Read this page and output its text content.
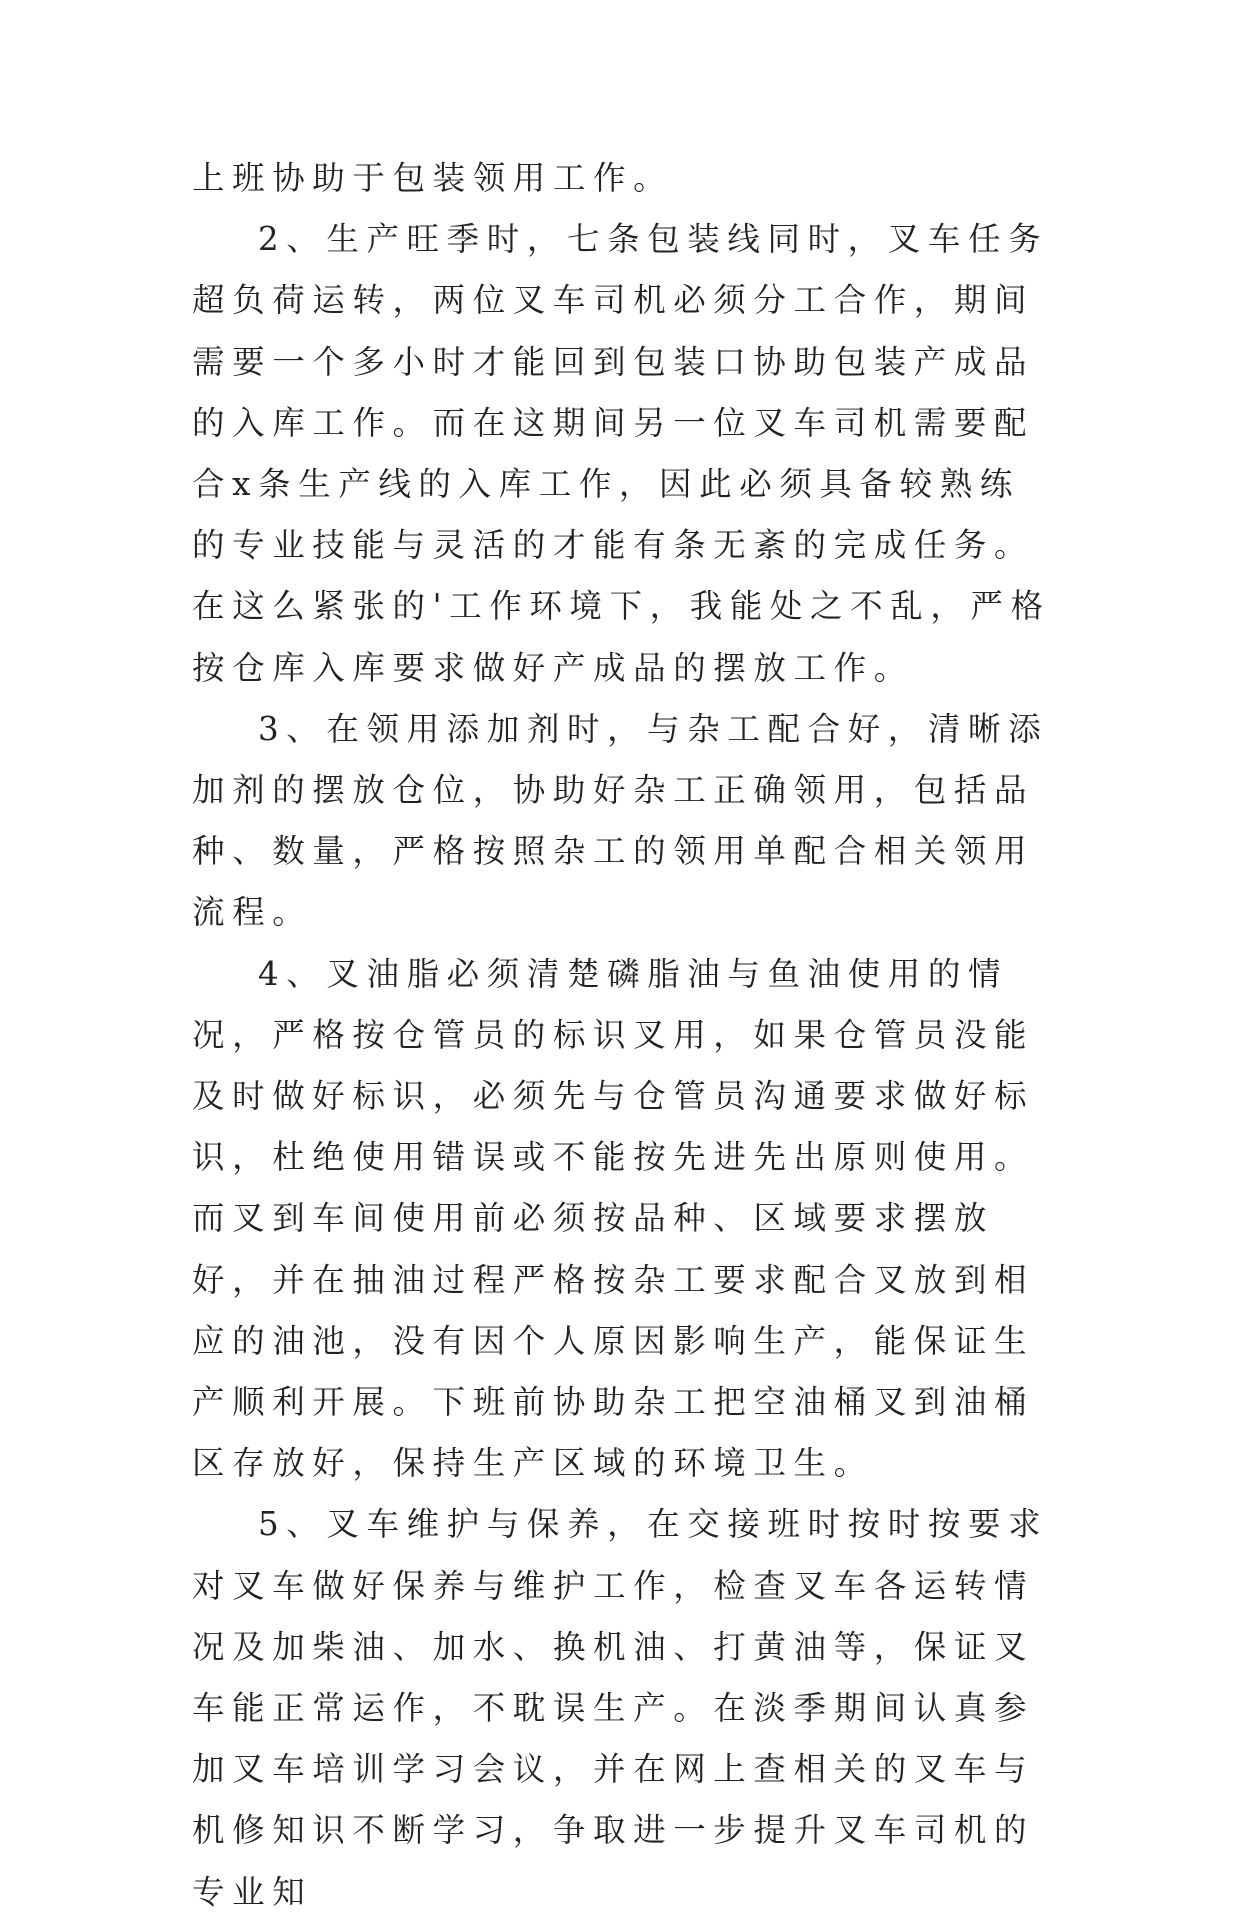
上班协助于包装领用工作。

2、生产旺季时，七条包装线同时，叉车任务超负荷运转，两位叉车司机必须分工合作，期间需要一个多小时才能回到包装口协助包装产成品的入库工作。而在这期间另一位叉车司机需要配合x条生产线的入库工作，因此必须具备较熟练的专业技能与灵活的才能有条无紊的完成任务。在这么紧张的'工作环境下，我能处之不乱，严格按仓库入库要求做好产成品的摆放工作。

3、在领用添加剂时，与杂工配合好，清晰添加剂的摆放仓位，协助好杂工正确领用，包括品种、数量，严格按照杂工的领用单配合相关领用流程。

4、叉油脂必须清楚磷脂油与鱼油使用的情况，严格按仓管员的标识叉用，如果仓管员没能及时做好标识，必须先与仓管员沟通要求做好标识，杜绝使用错误或不能按先进先出原则使用。而叉到车间使用前必须按品种、区域要求摆放好，并在抽油过程严格按杂工要求配合叉放到相应的油池，没有因个人原因影响生产，能保证生产顺利开展。下班前协助杂工把空油桶叉到油桶区存放好，保持生产区域的环境卫生。

5、叉车维护与保养，在交接班时按时按要求对叉车做好保养与维护工作，检查叉车各运转情况及加柴油、加水、换机油、打黄油等，保证叉车能正常运作，不耽误生产。在淡季期间认真参加叉车培训学习会议，并在网上查相关的叉车与机修知识不断学习，争取进一步提升叉车司机的专业知
